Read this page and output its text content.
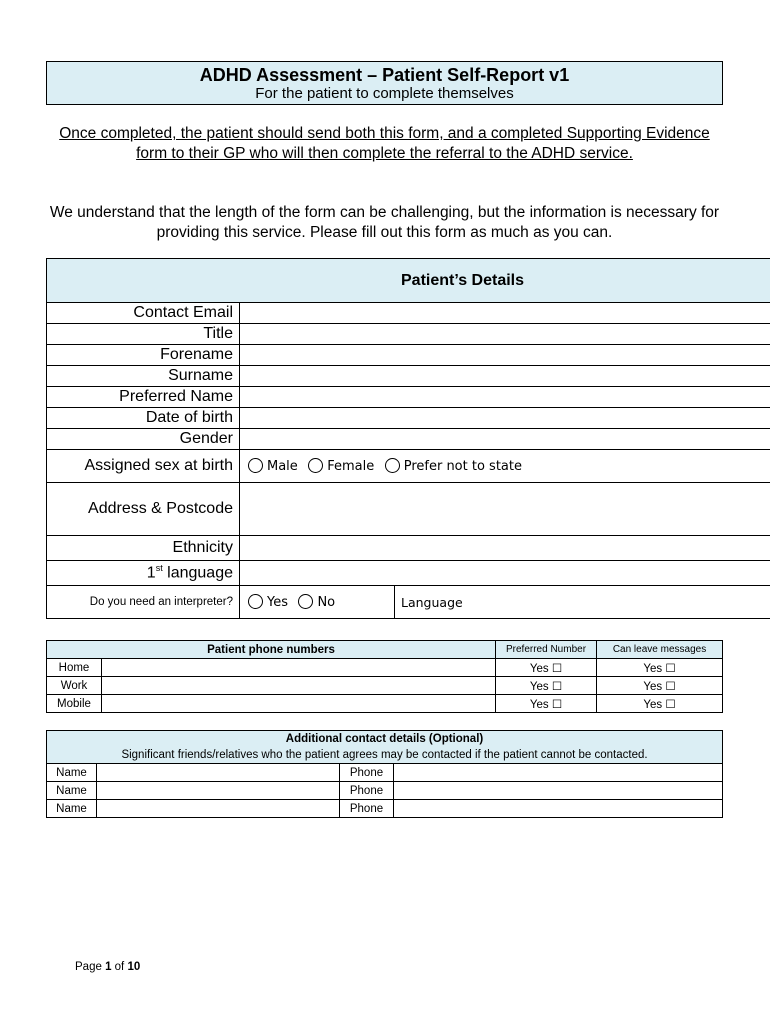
ADHD Assessment – Patient Self-Report v1
For the patient to complete themselves
Once completed, the patient should send both this form, and a completed Supporting Evidence form to their GP who will then complete the referral to the ADHD service.
We understand that the length of the form can be challenging, but the information is necessary for providing this service. Please fill out this form as much as you can.
Patient’s Details		
Contact Email		
Title		
Forename		
Surname		
Preferred Name		
Date of birth		
Gender		
Assigned sex at birth	Male Female Prefer not to state	
Address & Postcode		
Ethnicity		
1st language		
Do you need an interpreter?	Yes No	Language
Patient phone numbers		Preferred Number	Can leave messages
Home		Yes ☐	Yes ☐
Work		Yes ☐	Yes ☐
Mobile		Yes ☐	Yes ☐
Additional contact details (Optional)
Significant friends/relatives who the patient agrees may be contacted if the patient cannot be contacted.			

Name		Phone	
Name		Phone	
Name		Phone	
Page 1 of 10
